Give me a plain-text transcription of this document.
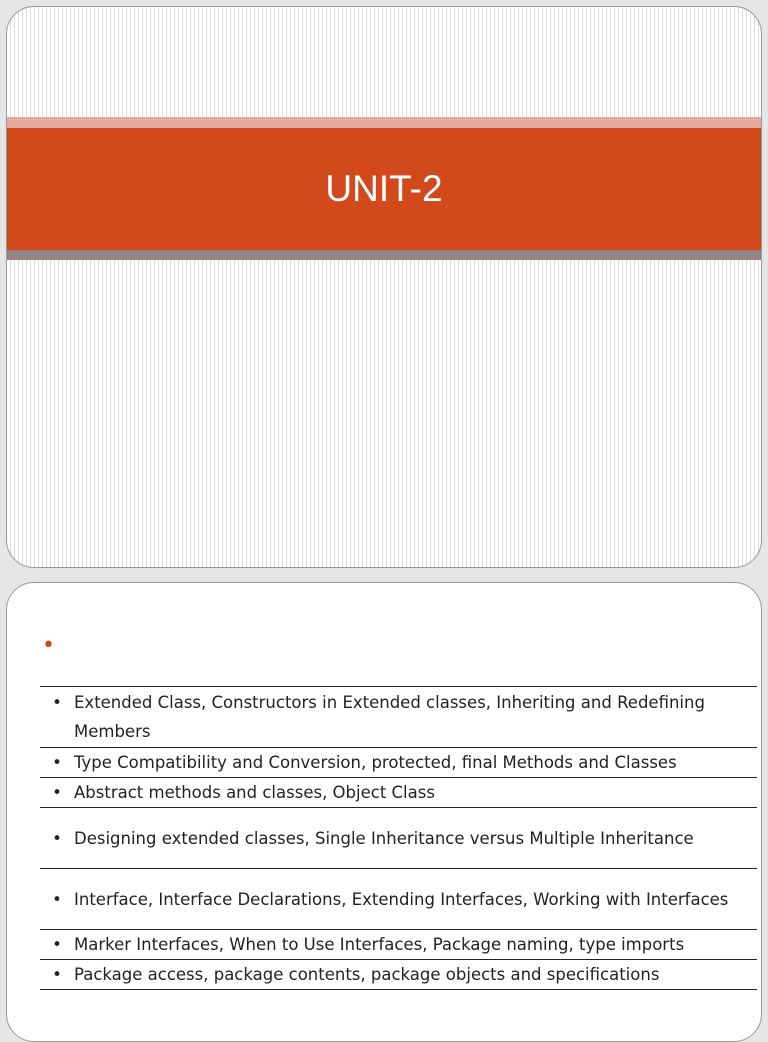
UNIT-2
•
•	Extended Class, Constructors in Extended classes, Inheriting and Redefining Members
•	Type Compatibility and Conversion, protected, final Methods and Classes
•	Abstract methods and classes, Object Class
•	Designing extended classes, Single Inheritance versus Multiple Inheritance
•	Interface, Interface Declarations, Extending Interfaces, Working with Interfaces
•	Marker Interfaces, When to Use Interfaces, Package naming, type imports
•	Package access, package contents, package objects and specifications
